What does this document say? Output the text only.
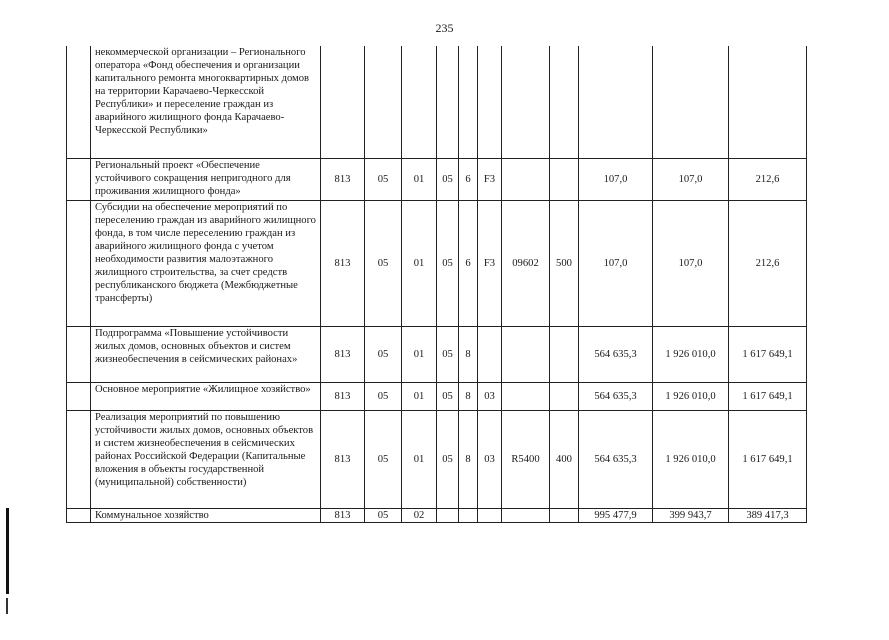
235
	некоммерческой организации – Регионального оператора «Фонд обеспечения и организации капитального ремонта многоквартирных домов на территории Карачаево-Черкесской Республики» и переселение граждан из аварийного жилищного фонда Карачаево-Черкесской Республики»											
	Региональный проект «Обеспечение устойчивого сокращения непригодного для проживания жилищного фонда»	813	05	01	05	6	F3			107,0	107,0	212,6
	Субсидии на обеспечение мероприятий по переселению граждан из аварийного жилищного фонда, в том числе переселению граждан из аварийного жилищного фонда с учетом необходимости развития малоэтажного жилищного строительства, за счет средств республиканского бюджета (Межбюджетные трансферты)	813	05	01	05	6	F3	09602	500	107,0	107,0	212,6
	Подпрограмма «Повышение устойчивости жилых домов, основных объектов и систем жизнеобеспечения в сейсмических районах»	813	05	01	05	8				564 635,3	1 926 010,0	1 617 649,1
	Основное мероприятие «Жилищное хозяйство»	813	05	01	05	8	03			564 635,3	1 926 010,0	1 617 649,1
	Реализация мероприятий по повышению устойчивости жилых домов, основных объектов и систем жизнеобеспечения в сейсмических районах Российской Федерации (Капитальные вложения в объекты государственной (муниципальной) собственности)	813	05	01	05	8	03	R5400	400	564 635,3	1 926 010,0	1 617 649,1
	Коммунальное хозяйство	813	05	02						995 477,9	399 943,7	389 417,3
